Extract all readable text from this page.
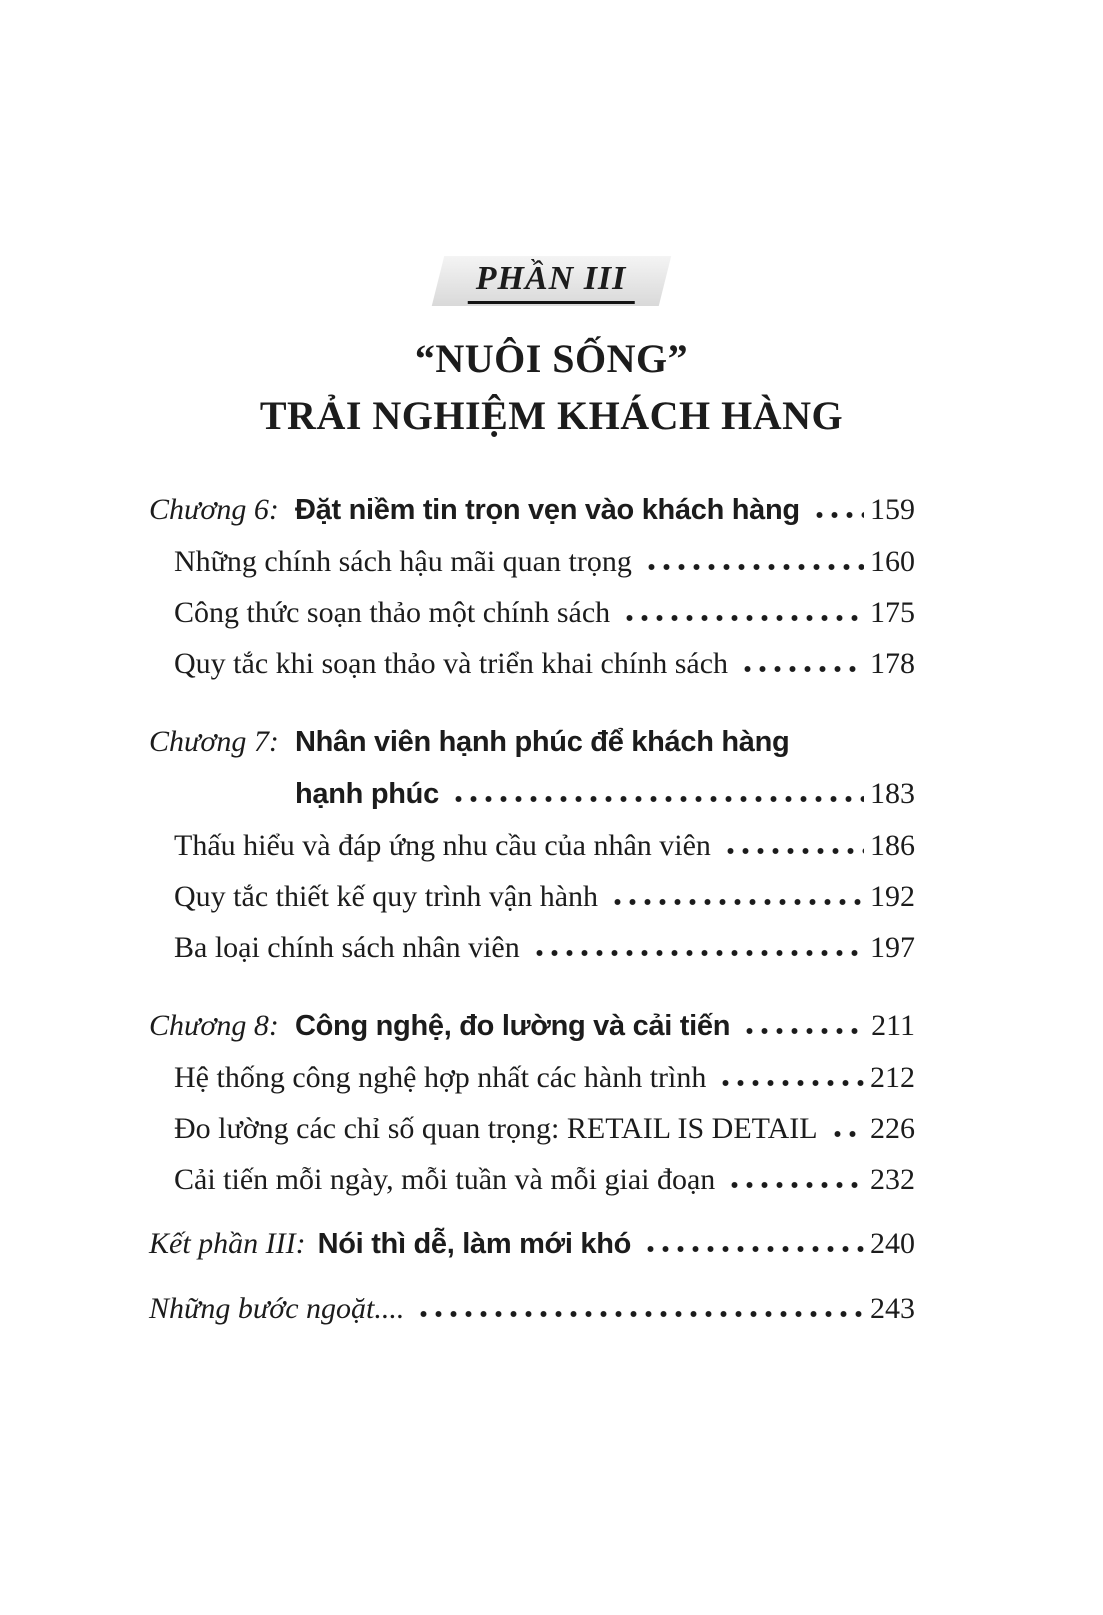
PHẦN III
“NUÔI SỐNG”
TRẢI NGHIỆM KHÁCH HÀNG
Chương 6: Đặt niềm tin trọn vẹn vào khách hàng 159
Những chính sách hậu mãi quan trọng	160
Công thức soạn thảo một chính sách	175
Quy tắc khi soạn thảo và triển khai chính sách	178
Chương 7: Nhân viên hạnh phúc để khách hàng
hạnh phúc	183
Thấu hiểu và đáp ứng nhu cầu của nhân viên	186
Quy tắc thiết kế quy trình vận hành	192
Ba loại chính sách nhân viên	197
Chương 8: Công nghệ, đo lường và cải tiến	211
Hệ thống công nghệ hợp nhất các hành trình	212
Đo lường các chỉ số quan trọng: RETAIL IS DETAIL 226
Cải tiến mỗi ngày, mỗi tuần và mỗi giai đoạn	232
Kết phần III: Nói thì dễ, làm mới khó	240
Những bước ngoặt....	243
